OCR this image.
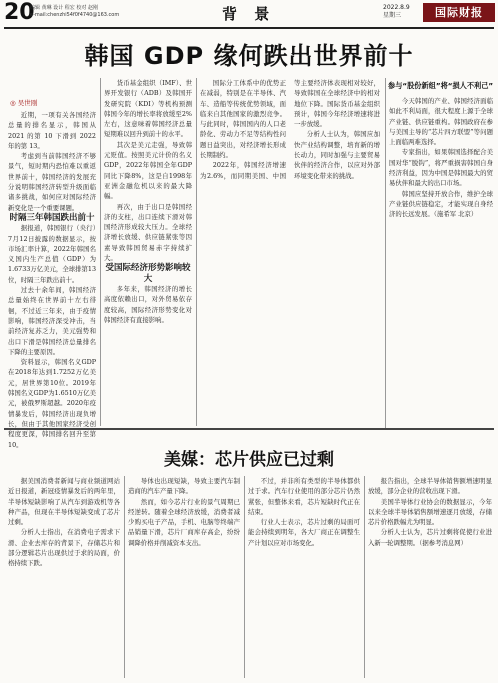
20
编辑 黄琳 设计 程宏 校对 赵刚
e-mail:chenzhi54f0f4740@163.com	背 景	2022.8.9
星期三	国际财报
韩国 GDP 缘何跌出世界前十
◎ 吴世刚

近期，一项有关各国经济总量的排名显示，韩国从 2021 的第 10 下滑到 2022 年的第 13。

考虑到当前韩国经济不够景气，短时期内恐怕难以重返世界前十，韩国经济的发展充分说明韩国经济转型升级面临诸多挑战，如何应对国际经济新变化是一个重要课题。

时隔三年韩国跌出前十

据报道，韩国银行（央行）7月12日披露的数据显示，按市场汇率计算，2022年韩国名义国内生产总值（GDP）为1.6733万亿美元，全球排第13位，时隔三年跌出前十。

过去十余年间，韩国经济总量始终在世界前十左右徘徊，不过近三年来，由于疫情影响，韩国经济深受冲击，当前经济复苏乏力，美元强势和出口下滑是韩国经济总量排名下降的主要原因。

资料显示，韩国名义GDP在2018年达到1.7252万亿美元，居世界第10位。2019年韩国名义GDP为1.6510万亿美元，被俄罗斯超越。2020年疫情暴发后，韩国经济出现负增长，但由于其他国家经济受创程度更深，韩国排名回升至第10。

货币基金组织（IMF）、世界开发银行（ADB）及韩国开发研究院（KDI）等机构预测韩国今年的增长率将放缓至2%左右，这意味着韩国经济总量短期难以回升到前十的水平。

其次是美元走强，导致韩元贬值。按照美元计价的名义GDP，2022年韩国全年GDP同比下降8%，这是自1998年亚洲金融危机以来的最大降幅。

再次，由于出口是韩国经济的支柱，出口连续下滑对韩国经济形成较大压力。全球经济增长放缓、供应链紧张等因素导致韩国贸易赤字持续扩大。

受国际经济形势影响较大

多年来，韩国经济的增长高度依赖出口，对外贸易依存度较高，国际经济形势变化对韩国经济有直接影响。

国际分工体系中的优势正在减弱，特别是在半导体、汽车、造船等传统优势领域，面临来自其他国家的激烈竞争。与此同时，韩国国内的人口老龄化、劳动力不足等结构性问题日益突出，对经济增长形成长期制约。

2022年，韩国经济增速为2.6%，而同期美国、中国等主要经济体表现相对较好，导致韩国在全球经济中的相对地位下降。国际货币基金组织预计，韩国今年经济增速将进一步放缓。

分析人士认为，韩国应加快产业结构调整，培育新的增长动力，同时加强与主要贸易伙伴的经济合作，以应对外部环境变化带来的挑战。

参与“股份新组”将“损人不利己”

今天韩国的产业、韩国经济面临如此不利局面，很大程度上源于全球产业链、供应链重构。韩国政府在参与美国主导的“芯片四方联盟”等问题上面临两难选择。

专家指出，如果韩国选择配合美国对华“脱钩”，将严重损害韩国自身经济利益，因为中国是韩国最大的贸易伙伴和最大的出口市场。

韩国应坚持开放合作，维护全球产业链供应链稳定，才能实现自身经济的长远发展。（施希军 北京）

美媒：芯片供应已过剩

据美国消费者新闻与商业频道网站近日报道，新冠疫情暴发后的两年里，半导体短缺影响了从汽车到游戏机等各种产品，但现在半导体短缺变成了芯片过剩。

分析人士指出，在消费电子需求下滑、企业去库存的背景下，存储芯片和部分逻辑芯片出现供过于求的局面，价格持续下跌。

导体也出现短缺，导致主要汽车制造商的汽车产量下降。

然而，如今芯片行业的景气周期已经逆转。随着全球经济放缓，消费者减少购买电子产品，手机、电脑等终端产品销量下滑，芯片厂商库存高企，纷纷调降价格并削减资本支出。

不过，并非所有类型的半导体都供过于求。汽车行业使用的部分芯片仍然紧张，但整体来看，芯片短缺时代正在结束。

行业人士表示，芯片过剩的局面可能会持续到明年，各大厂商正在调整生产计划以应对市场变化。

报告指出，全球半导体销售额增速明显放缓，部分企业的营收出现下滑。

美国半导体行业协会的数据显示，今年以来全球半导体销售额增速逐月放缓，存储芯片价格跌幅尤为明显。

分析人士认为，芯片过剩将促使行业进入新一轮调整期。（据参考消息网）
